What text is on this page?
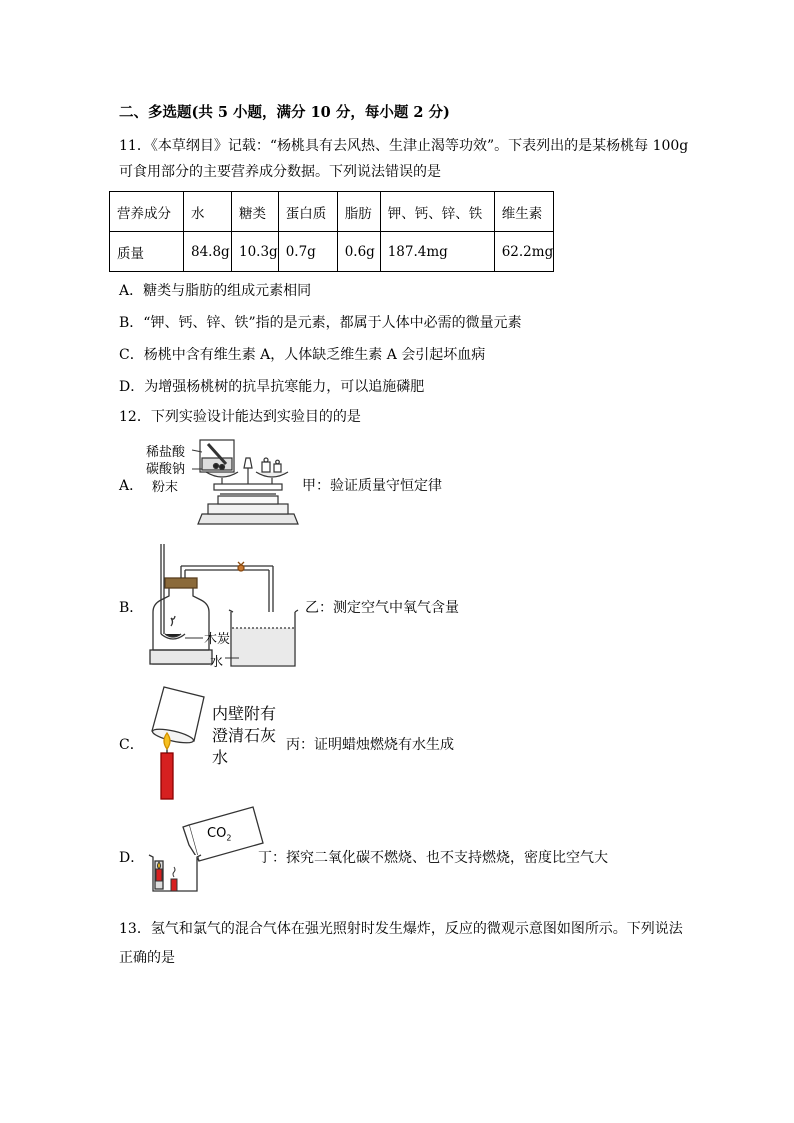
二、多选题(共 5 小题，满分 10 分，每小题 2 分)
11．《本草纲目》记载：“杨桃具有去风热、生津止渴等功效”。下表列出的是某杨桃每 100g
可食用部分的主要营养成分数据。下列说法错误的是
营养成分	水	糖类	蛋白质	脂肪	钾、钙、锌、铁	维生素
质量	84.8g	10.3g	0.7g	0.6g	187.4mg	62.2mg
A．糖类与脂肪的组成元素相同
B．“钾、钙、锌、铁”指的是元素，都属于人体中必需的微量元素
C．杨桃中含有维生素 A，人体缺乏维生素 A 会引起坏血病
D．为增强杨桃树的抗旱抗寒能力，可以追施磷肥
12．下列实验设计能达到实验目的的是
A．
稀盐酸
碳酸钠
粉末	甲：验证质量守恒定律
B．
木炭
水
乙：测定空气中氧气含量
C．
内壁附有
澄清石灰
水
丙：证明蜡烛燃烧有水生成
D．
$CO_2$
丁：探究二氧化碳不燃烧、也不支持燃烧，密度比空气大
13．氢气和氯气的混合气体在强光照射时发生爆炸，反应的微观示意图如图所示。下列说法
正确的是
